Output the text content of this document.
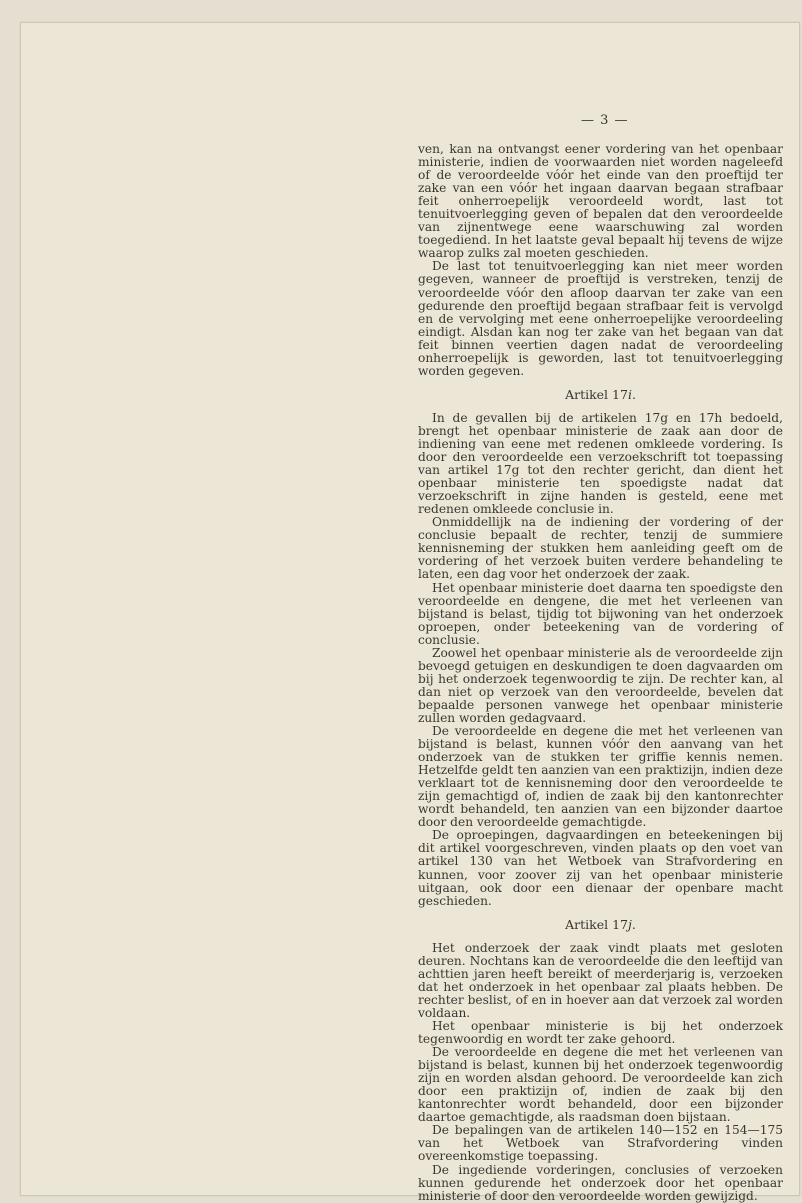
— 3 —

ven, kan na ontvangst eener vordering van het openbaar ministerie, indien de voorwaarden niet worden nageleefd of de veroordeelde vóór het einde van den proeftijd ter zake van een vóór het ingaan daarvan begaan strafbaar feit onherroepelijk veroordeeld wordt, last tot tenuitvoerlegging geven of bepalen dat den veroordeelde van zijnentwege eene waarschuwing zal worden toegediend. In het laatste geval bepaalt hij tevens de wijze waarop zulks zal moeten geschieden.

De last tot tenuitvoerlegging kan niet meer worden gegeven, wanneer de proeftijd is verstreken, tenzij de veroordeelde vóór den afloop daarvan ter zake van een gedurende den proeftijd begaan strafbaar feit is vervolgd en de vervolging met eene onherroepelijke veroordeeling eindigt. Alsdan kan nog ter zake van het begaan van dat feit binnen veertien dagen nadat de veroordeeling onherroepelijk is geworden, last tot tenuitvoerlegging worden gegeven.

Artikel 17i.

In de gevallen bij de artikelen 17g en 17h bedoeld, brengt het openbaar ministerie de zaak aan door de indiening van eene met redenen omkleede vordering. Is door den veroordeelde een verzoekschrift tot toepassing van artikel 17g tot den rechter gericht, dan dient het openbaar ministerie ten spoedigste nadat dat verzoekschrift in zijne handen is gesteld, eene met redenen omkleede conclusie in.

Onmiddellijk na de indiening der vordering of der conclusie bepaalt de rechter, tenzij de summiere kennisneming der stukken hem aanleiding geeft om de vordering of het verzoek buiten verdere behandeling te laten, een dag voor het onderzoek der zaak.

Het openbaar ministerie doet daarna ten spoedigste den veroordeelde en dengene, die met het verleenen van bijstand is belast, tijdig tot bijwoning van het onderzoek oproepen, onder beteekening van de vordering of conclusie.

Zoowel het openbaar ministerie als de veroordeelde zijn bevoegd getuigen en deskundigen te doen dagvaarden om bij het onderzoek tegenwoordig te zijn. De rechter kan, al dan niet op verzoek van den veroordeelde, bevelen dat bepaalde personen vanwege het openbaar ministerie zullen worden gedagvaard.

De veroordeelde en degene die met het verleenen van bijstand is belast, kunnen vóór den aanvang van het onderzoek van de stukken ter griffie kennis nemen. Hetzelfde geldt ten aanzien van een praktizijn, indien deze verklaart tot de kennisneming door den veroordeelde te zijn gemachtigd of, indien de zaak bij den kantonrechter wordt behandeld, ten aanzien van een bijzonder daartoe door den veroordeelde gemachtigde.

De oproepingen, dagvaardingen en beteekeningen bij dit artikel voorgeschreven, vinden plaats op den voet van artikel 130 van het Wetboek van Strafvordering en kunnen, voor zoover zij van het openbaar ministerie uitgaan, ook door een dienaar der openbare macht geschieden.

Artikel 17j.

Het onderzoek der zaak vindt plaats met gesloten deuren. Nochtans kan de veroordeelde die den leeftijd van achttien jaren heeft bereikt of meerderjarig is, verzoeken dat het onderzoek in het openbaar zal plaats hebben. De rechter beslist, of en in hoever aan dat verzoek zal worden voldaan.

Het openbaar ministerie is bij het onderzoek tegenwoordig en wordt ter zake gehoord.

De veroordeelde en degene die met het verleenen van bijstand is belast, kunnen bij het onderzoek tegenwoordig zijn en worden alsdan gehoord. De veroordeelde kan zich door een praktizijn of, indien de zaak bij den kantonrechter wordt behandeld, door een bijzonder daartoe gemachtigde, als raadsman doen bijstaan.

De bepalingen van de artikelen 140—152 en 154—175 van het Wetboek van Strafvordering vinden overeenkomstige toepassing.

De ingediende vorderingen, conclusies of verzoeken kunnen gedurende het onderzoek door het openbaar ministerie of door den veroordeelde worden gewijzigd.
